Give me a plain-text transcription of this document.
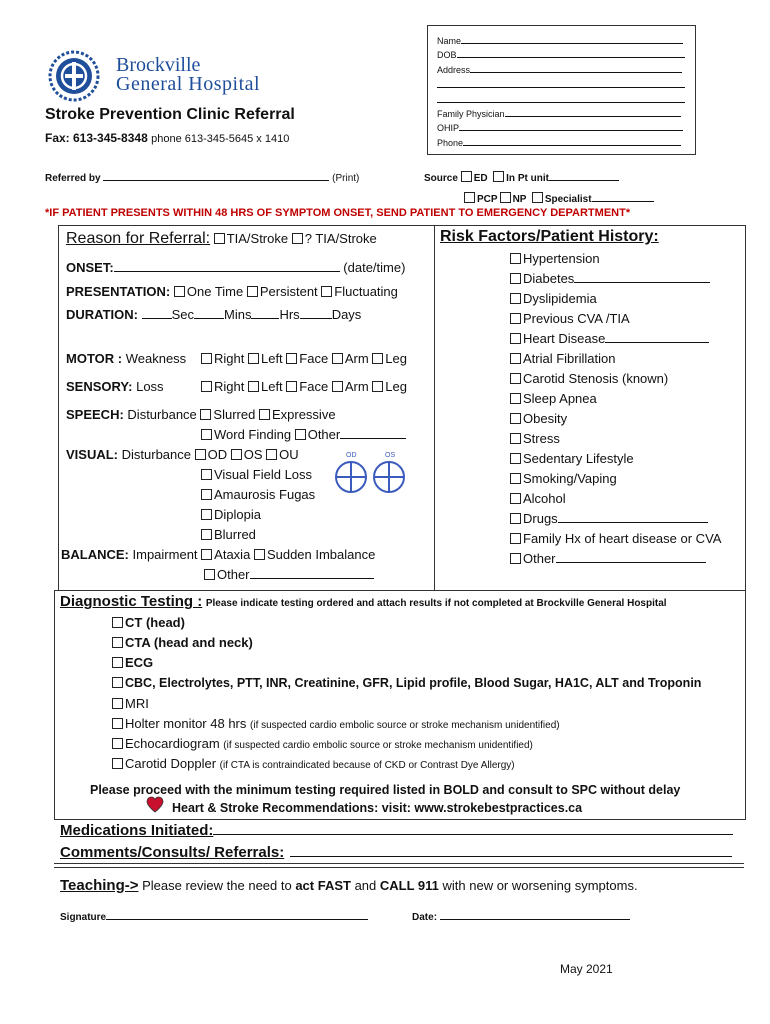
Brockville
General Hospital
Name
DOB
Address
Family Physician
OHIP
Phone
Stroke Prevention Clinic Referral
Fax: 613-345-8348 phone 613-345-5645 x 1410
Referred by	(Print)	Source ED In Pt unit
PCP NP Specialist
*IF PATIENT PRESENTS WITHIN 48 HRS OF SYMPTOM ONSET, SEND PATIENT TO EMERGENCY DEPARTMENT*
Reason for Referral: TIA/Stroke ? TIA/Stroke
ONSET:	(date/time)
PRESENTATION: One Time Persistent Fluctuating
DURATION:	Sec Mins Hrs Days
MOTOR : Weakness	Right Left Face Arm Leg
SENSORY: Loss	Right Left Face Arm Leg
SPEECH: Disturbance Slurred Expressive
Word Finding Other
VISUAL: Disturbance OD OS OU	OD	OS
Visual Field Loss
Amaurosis Fugas
Diplopia
Blurred
BALANCE: Impairment Ataxia Sudden Imbalance
Other
Risk Factors/Patient History:
Hypertension
Diabetes
Dyslipidemia
Previous CVA /TIA
Heart Disease
Atrial Fibrillation
Carotid Stenosis (known)
Sleep Apnea
Obesity
Stress
Sedentary Lifestyle
Smoking/Vaping
Alcohol
Drugs
Family Hx of heart disease or CVA
Other
Diagnostic Testing : Please indicate testing ordered and attach results if not completed at Brockville General Hospital
CT (head)
CTA (head and neck)
ECG
CBC, Electrolytes, PTT, INR, Creatinine, GFR, Lipid profile, Blood Sugar, HA1C, ALT and Troponin
MRI
Holter monitor 48 hrs (if suspected cardio embolic source or stroke mechanism unidentified)
Echocardiogram (if suspected cardio embolic source or stroke mechanism unidentified)
Carotid Doppler (if CTA is contraindicated because of CKD or Contrast Dye Allergy)
Please proceed with the minimum testing required listed in BOLD and consult to SPC without delay
Heart & Stroke Recommendations: visit: www.strokebestpractices.ca
Medications Initiated:
Comments/Consults/ Referrals:
Teaching-> Please review the need to act FAST and CALL 911 with new or worsening symptoms.
Signature	Date:
May 2021
